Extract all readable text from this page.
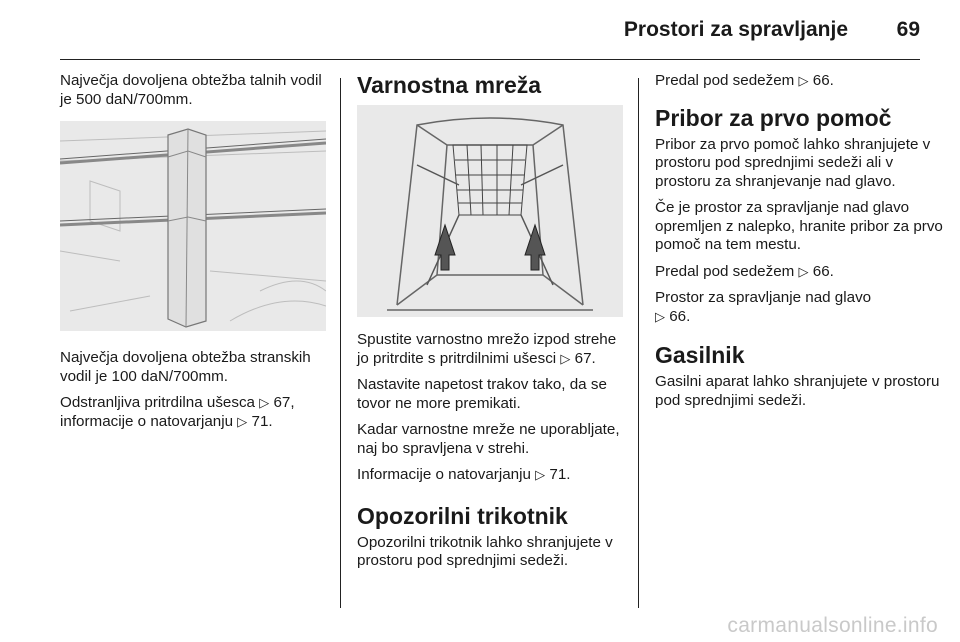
Prostori za spravljanje 69

Največja dovoljena obtežba talnih vodil je 500 daN/700mm.

Največja dovoljena obtežba stranskih vodil je 100 daN/700mm.

Odstranljiva pritrdilna ušesca ▷ 67, informacije o natovarjanju ▷ 71.

Varnostna mreža

Spustite varnostno mrežo izpod strehe jo pritrdite s pritrdilnimi ušesci ▷ 67.

Nastavite napetost trakov tako, da se tovor ne more premikati.

Kadar varnostne mreže ne uporabljate, naj bo spravljena v strehi.

Informacije o natovarjanju ▷ 71.

Opozorilni trikotnik

Opozorilni trikotnik lahko shranjujete v prostoru pod sprednjimi sedeži.

Predal pod sedežem ▷ 66.

Pribor za prvo pomoč

Pribor za prvo pomoč lahko shranjujete v prostoru pod sprednjimi sedeži ali v prostoru za shranjevanje nad glavo.

Če je prostor za spravljanje nad glavo opremljen z nalepko, hranite pribor za prvo pomoč na tem mestu.

Predal pod sedežem ▷ 66.

Prostor za spravljanje nad glavo
▷ 66.

Gasilnik

Gasilni aparat lahko shranjujete v prostoru pod sprednjimi sedeži.

carmanualsonline.info
